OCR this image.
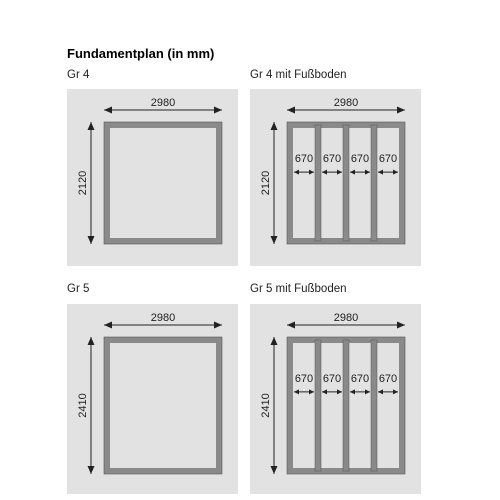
Fundamentplan (in mm)
Gr 4
2980
2120
Gr 4 mit Fußboden
2980
2120
670 670 670 670
Gr 5
2980
2410
Gr 5 mit Fußboden
2980
2410
670 670 670 670
